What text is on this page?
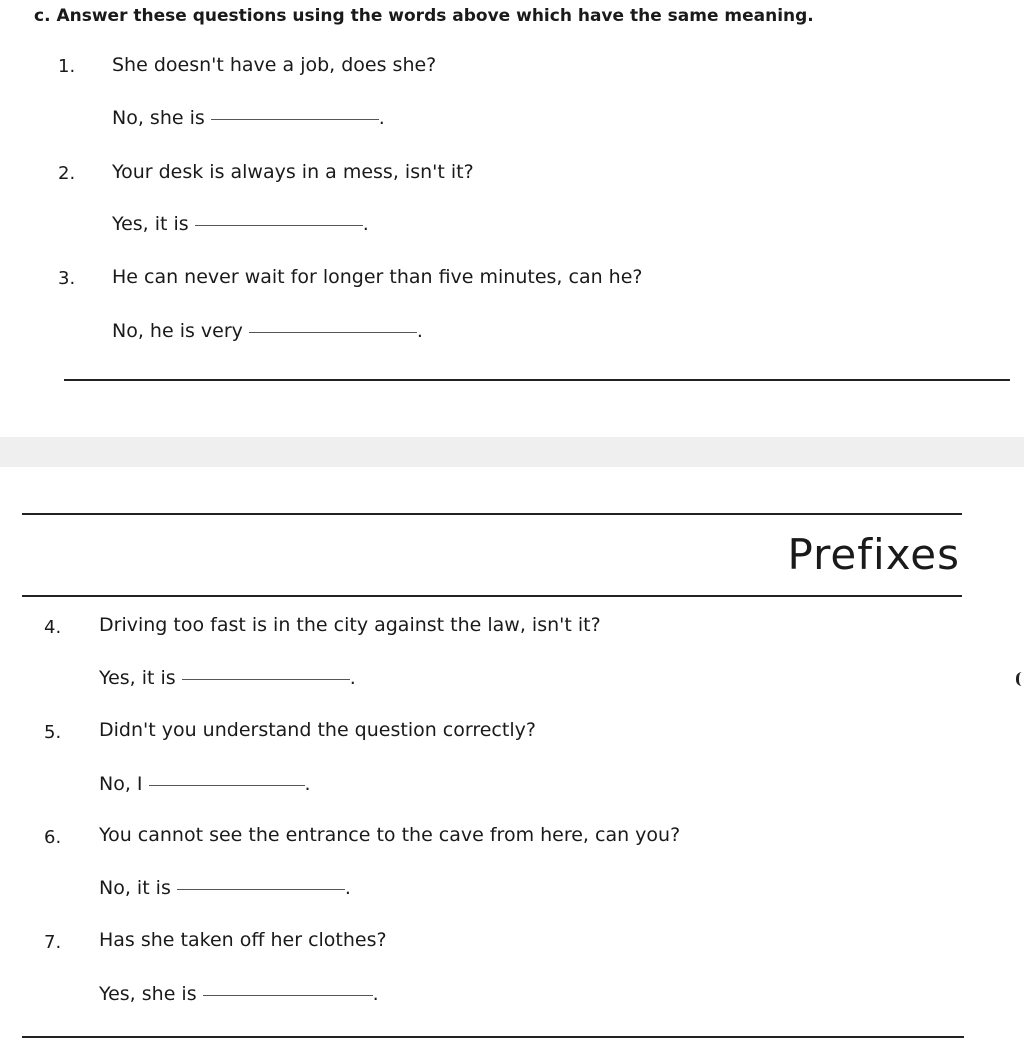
c. Answer these questions using the words above which have the same meaning.
1. She doesn't have a job, does she?
No, she is	.
2. Your desk is always in a mess, isn't it?
Yes, it is	.
3. He can never wait for longer than five minutes, can he?
No, he is very	.
Prefixes
4. Driving too fast is in the city against the law, isn't it?
Yes, it is	.
5. Didn't you understand the question correctly?
No, I	.
6. You cannot see the entrance to the cave from here, can you?
No, it is	.
7. Has she taken off her clothes?
Yes, she is	.
